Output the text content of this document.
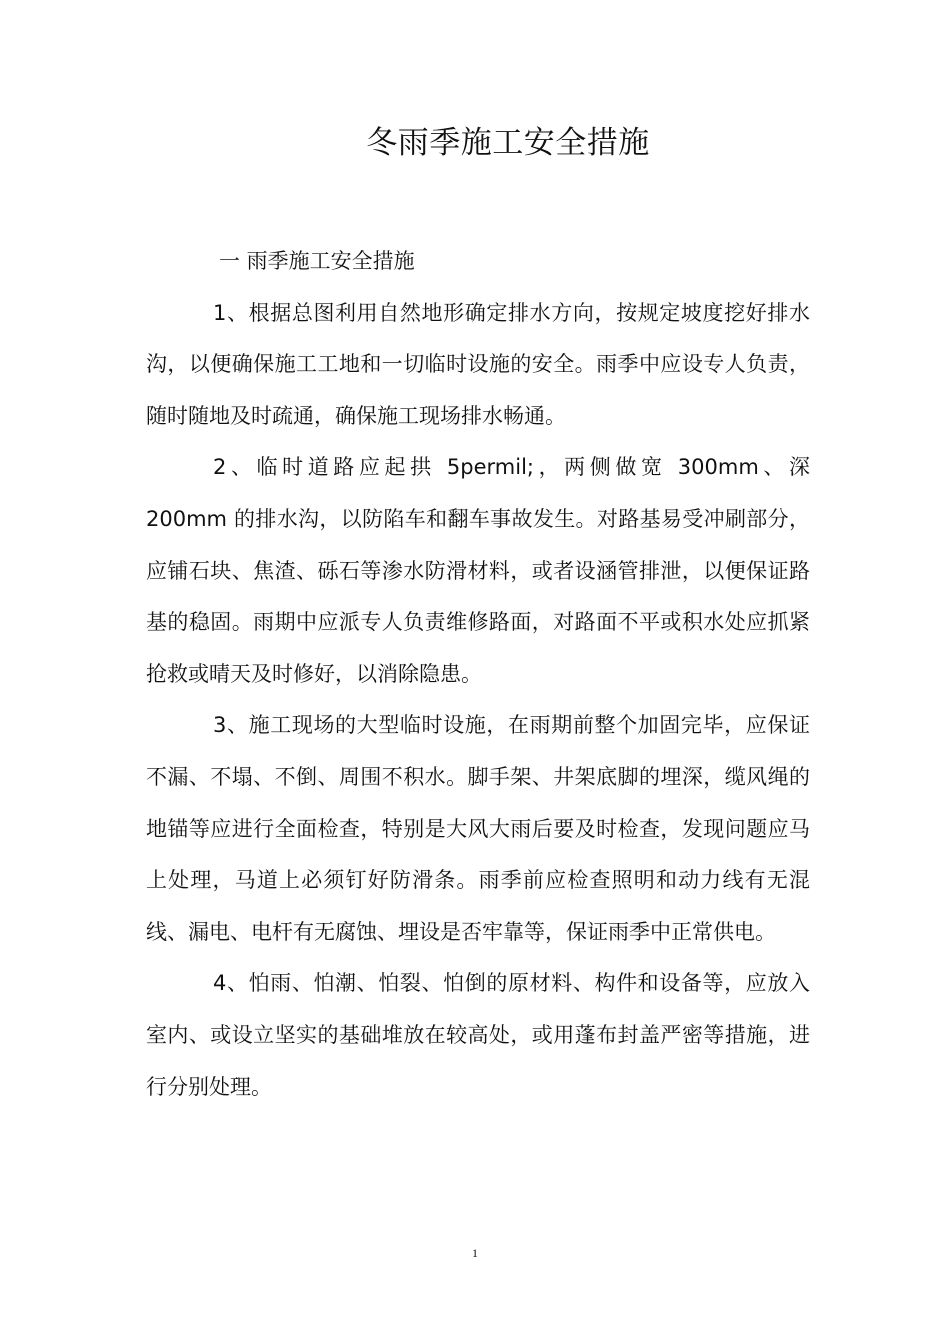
冬雨季施工安全措施
一 雨季施工安全措施

1、根据总图利用自然地形确定排水方向，按规定坡度挖好排水沟，以便确保施工工地和一切临时设施的安全。雨季中应设专人负责，随时随地及时疏通，确保施工现场排水畅通。

2、临时道路应起拱 5permil;，两侧做宽 300mm、深 200mm 的排水沟，以防陷车和翻车事故发生。对路基易受冲刷部分，应铺石块、焦渣、砾石等渗水防滑材料，或者设涵管排泄，以便保证路基的稳固。雨期中应派专人负责维修路面，对路面不平或积水处应抓紧抢救或晴天及时修好，以消除隐患。

3、施工现场的大型临时设施，在雨期前整个加固完毕，应保证不漏、不塌、不倒、周围不积水。脚手架、井架底脚的埋深，缆风绳的地锚等应进行全面检查，特别是大风大雨后要及时检查，发现问题应马上处理，马道上必须钉好防滑条。雨季前应检查照明和动力线有无混线、漏电、电杆有无腐蚀、埋设是否牢靠等，保证雨季中正常供电。

4、怕雨、怕潮、怕裂、怕倒的原材料、构件和设备等，应放入室内、或设立坚实的基础堆放在较高处，或用蓬布封盖严密等措施，进行分别处理。

1
